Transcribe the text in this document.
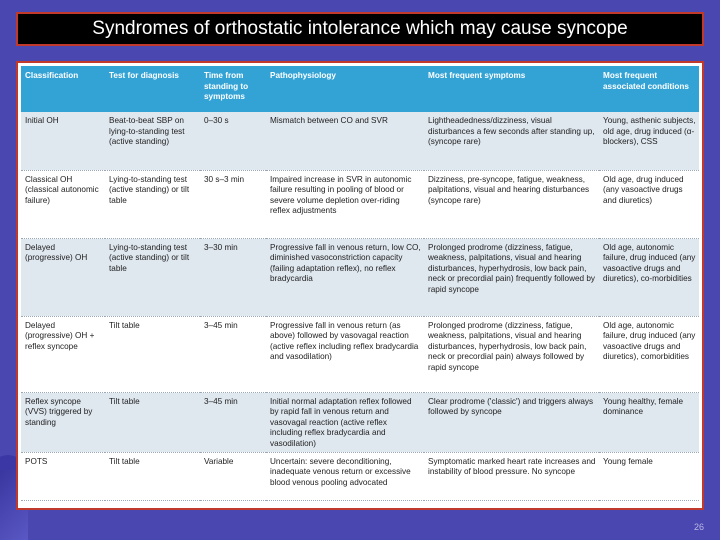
Syndromes of orthostatic intolerance which may cause syncope
Classification	Test for diagnosis	Time from standing to symptoms	Pathophysiology	Most frequent symptoms	Most frequent associated conditions
Initial OH	Beat-to-beat SBP on lying-to-standing test (active standing)	0–30 s	Mismatch between CO and SVR	Lightheadedness/dizziness, visual disturbances a few seconds after standing up, (syncope rare)	Young, asthenic subjects, old age, drug induced (α-blockers), CSS
Classical OH (classical autonomic failure)	Lying-to-standing test (active standing) or tilt table	30 s–3 min	Impaired increase in SVR in autonomic failure resulting in pooling of blood or severe volume depletion over-riding reflex adjustments	Dizziness, pre-syncope, fatigue, weakness, palpitations, visual and hearing disturbances (syncope rare)	Old age, drug induced (any vasoactive drugs and diuretics)
Delayed (progressive) OH	Lying-to-standing test (active standing) or tilt table	3–30 min	Progressive fall in venous return, low CO, diminished vasoconstriction capacity (failing adaptation reflex), no reflex bradycardia	Prolonged prodrome (dizziness, fatigue, weakness, palpitations, visual and hearing disturbances, hyperhydrosis, low back pain, neck or precordial pain) frequently followed by rapid syncope	Old age, autonomic failure, drug induced (any vasoactive drugs and diuretics), co-morbidities
Delayed (progressive) OH + reflex syncope	Tilt table	3–45 min	Progressive fall in venous return (as above) followed by vasovagal reaction (active reflex including reflex bradycardia and vasodilation)	Prolonged prodrome (dizziness, fatigue, weakness, palpitations, visual and hearing disturbances, hyperhydrosis, low back pain, neck or precordial pain) always followed by rapid syncope	Old age, autonomic failure, drug induced (any vasoactive drugs and diuretics), comorbidities
Reflex syncope (VVS) triggered by standing	Tilt table	3–45 min	Initial normal adaptation reflex followed by rapid fall in venous return and vasovagal reaction (active reflex including reflex bradycardia and vasodilation)	Clear prodrome ('classic') and triggers always followed by syncope	Young healthy, female dominance
POTS	Tilt table	Variable	Uncertain: severe deconditioning, inadequate venous return or excessive blood venous pooling advocated	Symptomatic marked heart rate increases and instability of blood pressure. No syncope	Young female
26
